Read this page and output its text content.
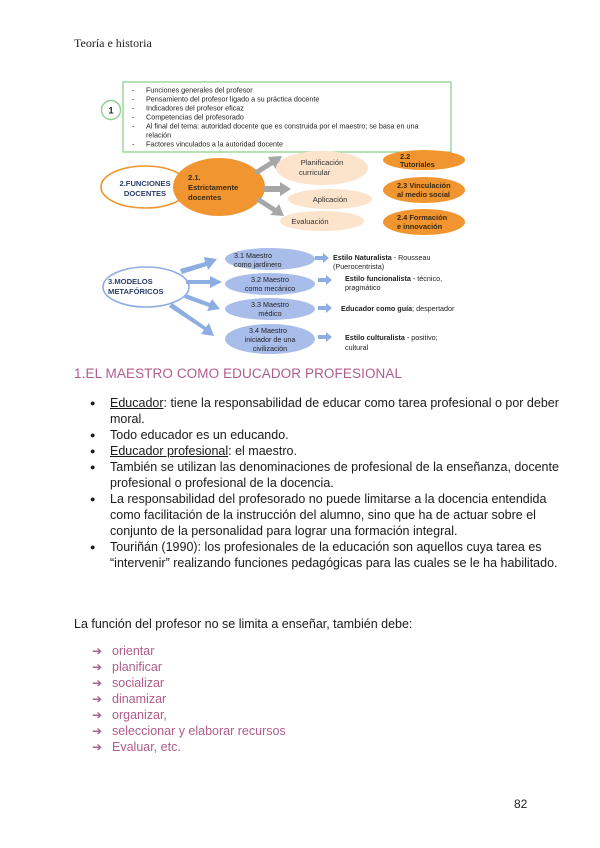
Teoría e historia
1
- Funciones generales del profesor
- Pensamiento del profesor ligado a su práctica docente
- Indicadores del profesor eficaz
- Competencias del profesorado
- Al final del tema: autoridad docente que es construida por el maestro; se basa en una
relación
- Factores vinculados a la autoridad docente
2.FUNCIONES
DOCENTES
2.1.
Estrictamente
docentes
Planificación
curricular
Aplicación
Evaluación
2.2
Tutoriales
2.3 Vinculación
al medio social
2.4 Formación
e innovación
3.MODELOS
METAFÓRICOS
3.1 Maestro
como jardinero
3.2 Maestro
como mecánico
3.3 Maestro
médico
3.4 Maestro
iniciador de una
civilización
Estilo Naturalista - Rousseau
(Puerocentrista)
Estilo funcionalista - técnico,
pragmático
Educador como guía; despertador
Estilo culturalista - positivo;
cultural
1.EL MAESTRO COMO EDUCADOR PROFESIONAL
● Educador: tiene la responsabilidad de educar como tarea profesional o por deber moral.
● Todo educador es un educando.
● Educador profesional: el maestro.
● También se utilizan las denominaciones de profesional de la enseñanza, docente profesional o profesional de la docencia.
● La responsabilidad del profesorado no puede limitarse a la docencia entendida como facilitación de la instrucción del alumno, sino que ha de actuar sobre el conjunto de la personalidad para lograr una formación integral.
● Touriñán (1990): los profesionales de la educación son aquellos cuya tarea es “intervenir” realizando funciones pedagógicas para las cuales se le ha habilitado.
La función del profesor no se limita a enseñar, también debe:
➔ orientar
➔ planificar
➔ socializar
➔ dinamizar
➔ organizar,
➔ seleccionar y elaborar recursos
➔ Evaluar, etc.
82
